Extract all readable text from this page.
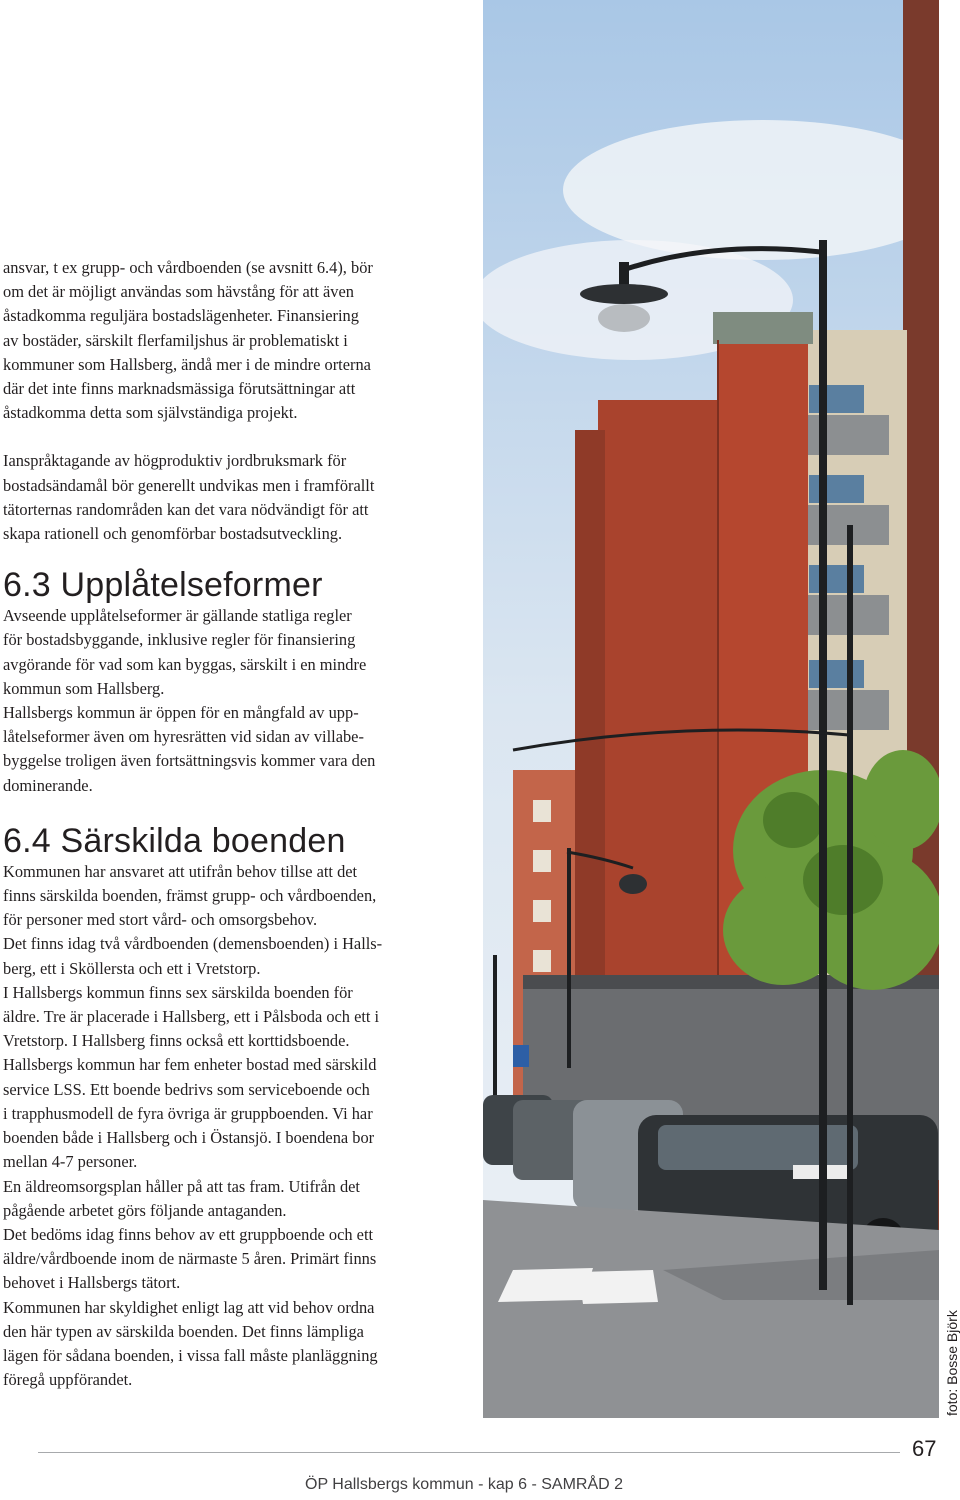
ansvar, t ex grupp- och vårdboenden (se avsnitt 6.4), bör
om det är möjligt användas som hävstång för att även
åstadkomma reguljära bostadslägenheter. Finansiering
av bostäder, särskilt flerfamiljshus är problematiskt i
kommuner som Hallsberg, ändå mer i de mindre orterna
där det inte finns marknadsmässiga förutsättningar att
åstadkomma detta som självständiga projekt.

Ianspråktagande av högproduktiv jordbruksmark för
bostadsändamål bör generellt undvikas men i framförallt
tätorternas randområden kan det vara nödvändigt för att
skapa rationell och genomförbar bostadsutveckling.

6.3 Upplåtelseformer

Avseende upplåtelseformer är gällande statliga regler
för bostadsbyggande, inklusive regler för finansiering
avgörande för vad som kan byggas, särskilt i en mindre
kommun som Hallsberg.
Hallsbergs kommun är öppen för en mångfald av upp-
låtelseformer även om hyresrätten vid sidan av villabe-
byggelse troligen även fortsättningsvis kommer vara den
dominerande.

6.4 Särskilda boenden

Kommunen har ansvaret att utifrån behov tillse att det
finns särskilda boenden, främst grupp- och vårdboenden,
för personer med stort vård- och omsorgsbehov.
Det finns idag två vårdboenden (demensboenden) i Halls-
berg, ett i Sköllersta och ett i Vretstorp.
I Hallsbergs kommun finns sex särskilda boenden för
äldre. Tre är placerade i Hallsberg, ett i Pålsboda och ett i
Vretstorp. I Hallsberg finns också ett korttidsboende.
Hallsbergs kommun har fem enheter bostad med särskild
service LSS. Ett boende bedrivs som serviceboende och
i trapphusmodell de fyra övriga är gruppboenden. Vi har
boenden både i Hallsberg och i Östansjö. I boendena bor
mellan 4-7 personer.
En äldreomsorgsplan håller på att tas fram. Utifrån det
pågående arbetet görs följande antaganden.
Det bedöms idag finns behov av ett gruppboende och ett
äldre/vårdboende inom de närmaste 5 åren. Primärt finns
behovet i Hallsbergs tätort.
Kommunen har skyldighet enligt lag att vid behov ordna
den här typen av särskilda boenden. Det finns lämpliga
lägen för sådana boenden, i vissa fall måste planläggning
föregå uppförandet.	foto: Bosse Björk
67
ÖP Hallsbergs kommun - kap 6 - SAMRÅD 2
